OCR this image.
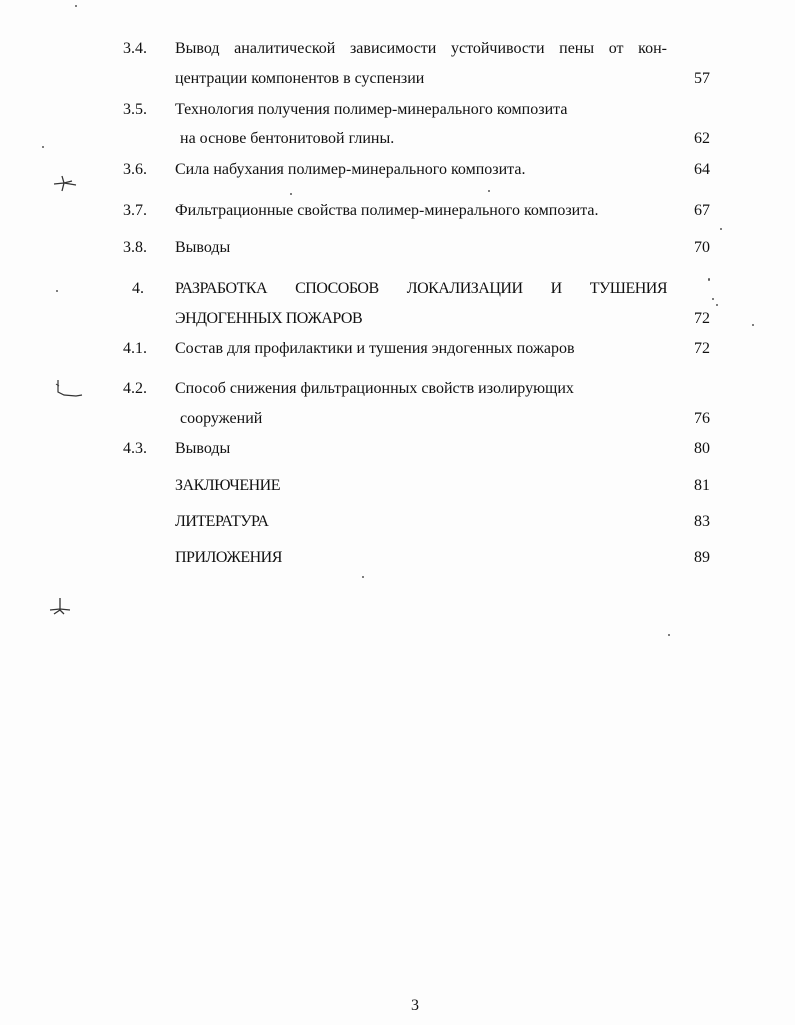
3.4. Вывод аналитической зависимости устойчивости пены от кон-
центрации компонентов в суспензии	57
3.5. Технология получения полимер-минерального композита
на основе бентонитовой глины.	62
3.6. Сила набухания полимер-минерального композита.	64
3.7. Фильтрационные свойства полимер-минерального композита.	67
3.8. Выводы	70
4. РАЗРАБОТКА СПОСОБОВ ЛОКАЛИЗАЦИИ И ТУШЕНИЯ
ЭНДОГЕННЫХ ПОЖАРОВ	72
4.1. Состав для профилактики и тушения эндогенных пожаров	72
4.2. Способ снижения фильтрационных свойств изолирующих
сооружений	76
4.3. Выводы	80
ЗАКЛЮЧЕНИЕ	81
ЛИТЕРАТУРА	83
ПРИЛОЖЕНИЯ	89
3
